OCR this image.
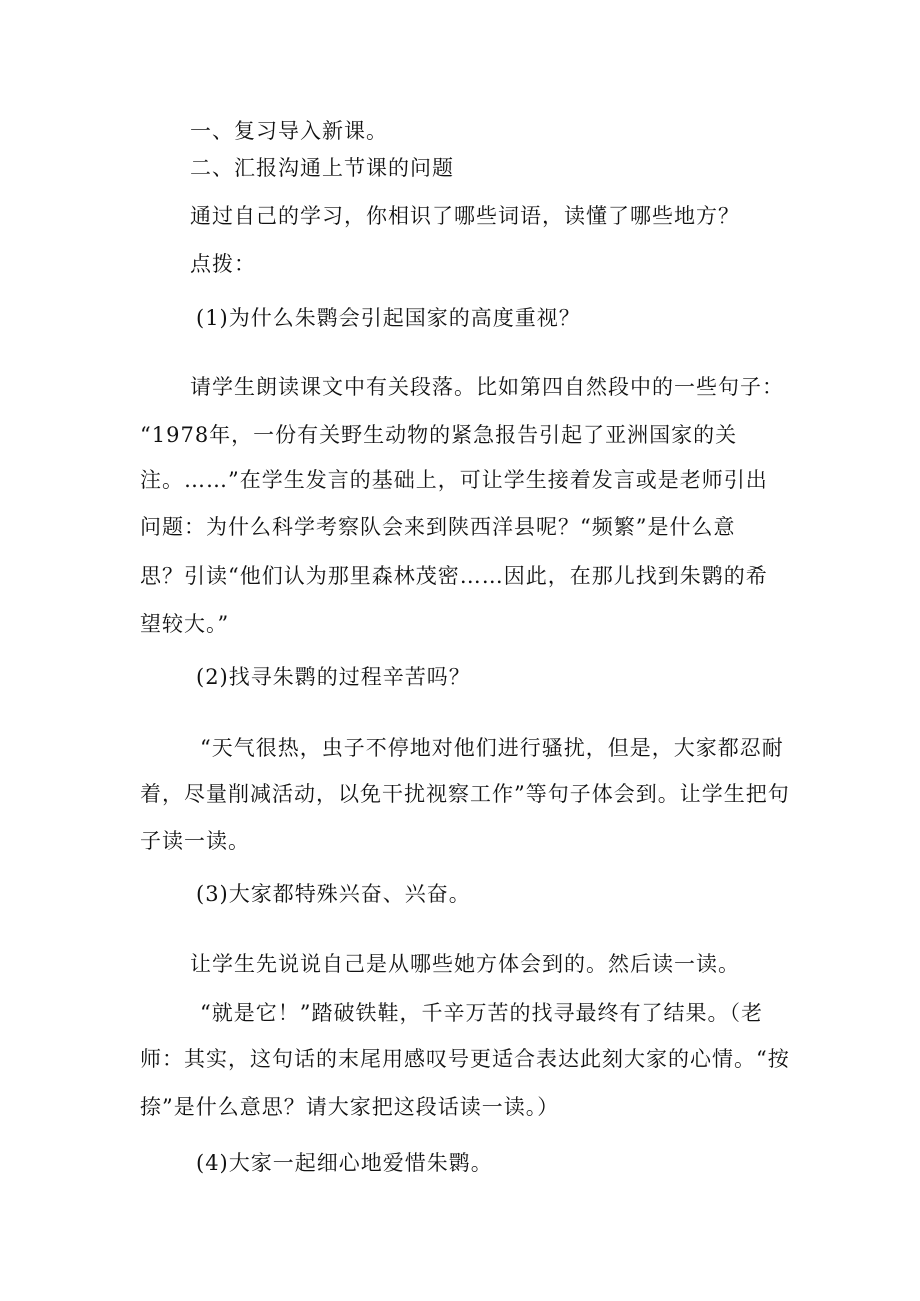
一、复习导入新课。
二、汇报沟通上节课的问题
通过自己的学习，你相识了哪些词语，读懂了哪些地方？
点拨：
(1)为什么朱鹮会引起国家的高度重视？
请学生朗读课文中有关段落。比如第四自然段中的一些句子：
“1978年，一份有关野生动物的紧急报告引起了亚洲国家的关
注。……”在学生发言的基础上，可让学生接着发言或是老师引出
问题：为什么科学考察队会来到陕西洋县呢？“频繁”是什么意
思？引读“他们认为那里森林茂密……因此，在那儿找到朱鹮的希
望较大。”
(2)找寻朱鹮的过程辛苦吗？
“天气很热，虫子不停地对他们进行骚扰，但是，大家都忍耐
着，尽量削减活动，以免干扰视察工作”等句子体会到。让学生把句
子读一读。
(3)大家都特殊兴奋、兴奋。
让学生先说说自己是从哪些她方体会到的。然后读一读。
“就是它！”踏破铁鞋，千辛万苦的找寻最终有了结果。（老
师：其实，这句话的末尾用感叹号更适合表达此刻大家的心情。“按
捺”是什么意思？请大家把这段话读一读。）
(4)大家一起细心地爱惜朱鹮。
